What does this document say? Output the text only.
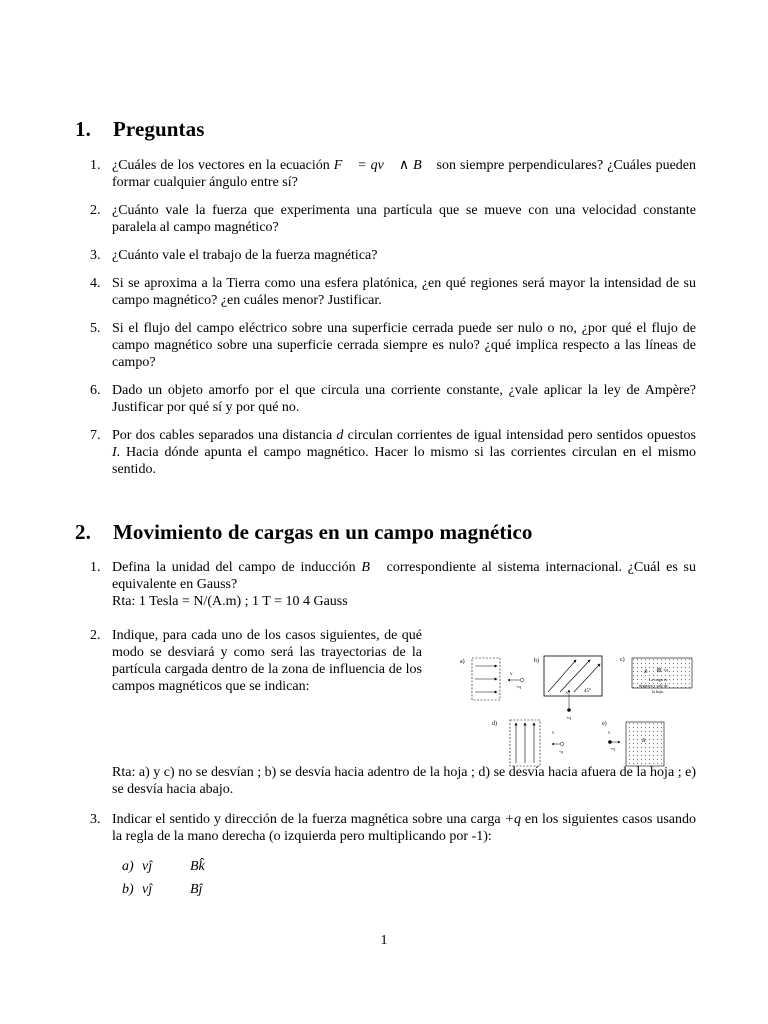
1. Preguntas
1. ¿Cuáles de los vectores en la ecuación F⃗ = qv⃗ ∧ B⃗ son siempre perpendiculares? ¿Cuáles pueden formar cualquier ángulo entre sí?
2. ¿Cuánto vale la fuerza que experimenta una partícula que se mueve con una velocidad constante paralela al campo magnético?
3. ¿Cuánto vale el trabajo de la fuerza magnética?
4. Si se aproxima a la Tierra como una esfera platónica, ¿en qué regiones será mayor la intensidad de su campo magnético? ¿en cuáles menor? Justificar.
5. Si el flujo del campo eléctrico sobre una superficie cerrada puede ser nulo o no, ¿por qué el flujo de campo magnético sobre una superficie cerrada siempre es nulo? ¿qué implica respecto a las líneas de campo?
6. Dado un objeto amorfo por el que circula una corriente constante, ¿vale aplicar la ley de Ampère? Justificar por qué sí y por qué no.
7. Por dos cables separados una distancia d circulan corrientes de igual intensidad pero sentidos opuestos I. Hacia dónde apunta el campo magnético. Hacer lo mismo si las corrientes circulan en el mismo sentido.
2. Movimiento de cargas en un campo magnético
1. Defina la unidad del campo de inducción B⃗ correspondiente al sistema internacional. ¿Cuál es su equivalente en Gauss?
Rta: 1 Tesla = N/(A.m) ; 1 T = 10 4 Gauss
2. Indique, para cada uno de los casos siguientes, de qué modo se desviará y como será las trayectorias de la partícula cargada dentro de la zona de influencia de los campos magnéticos que se indican:
a)
v
+q
b)
v
+q
45°
c)
B	+q
La carga es
negativa y sale de
la hoja.
d)
v
-q
e)
v
+q
B

Rta: a) y c) no se desvían ; b) se desvía hacia adentro de la hoja ; d) se desvía hacia afuera de la hoja ; e) se desvía hacia abajo.

3. Indicar el sentido y dirección de la fuerza magnética sobre una carga +q en los siguientes casos usando la regla de la mano derecha (o izquierda pero multiplicando por -1):
a) vĵ	Bk̂
b) vĵ	Bĵ
1
